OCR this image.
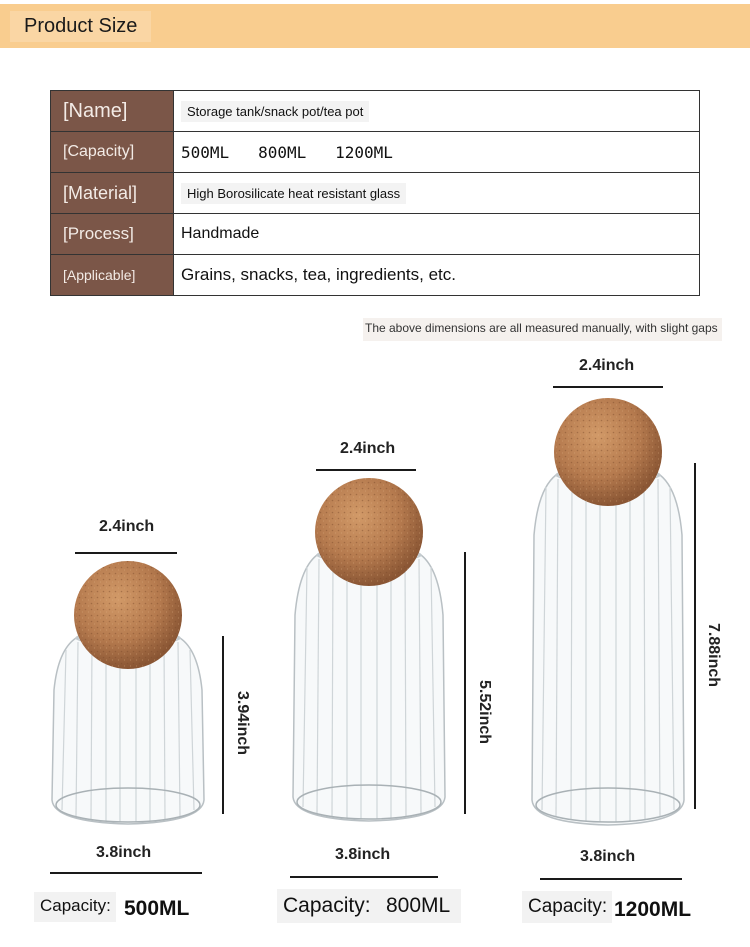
Product Size
[Name]	Storage tank/snack pot/tea pot
[Capacity]	500ML   800ML   1200ML
[Material]	High Borosilicate heat resistant glass
[Process]	Handmade
[Applicable]	Grains, snacks, tea, ingredients, etc.
The above dimensions are all measured manually, with slight gaps
2.4inch
3.94inch
3.8inch
Capacity: 500ML
2.4inch
5.52inch
3.8inch
Capacity: 800ML
2.4inch
7.88inch
3.8inch
Capacity: 1200ML
